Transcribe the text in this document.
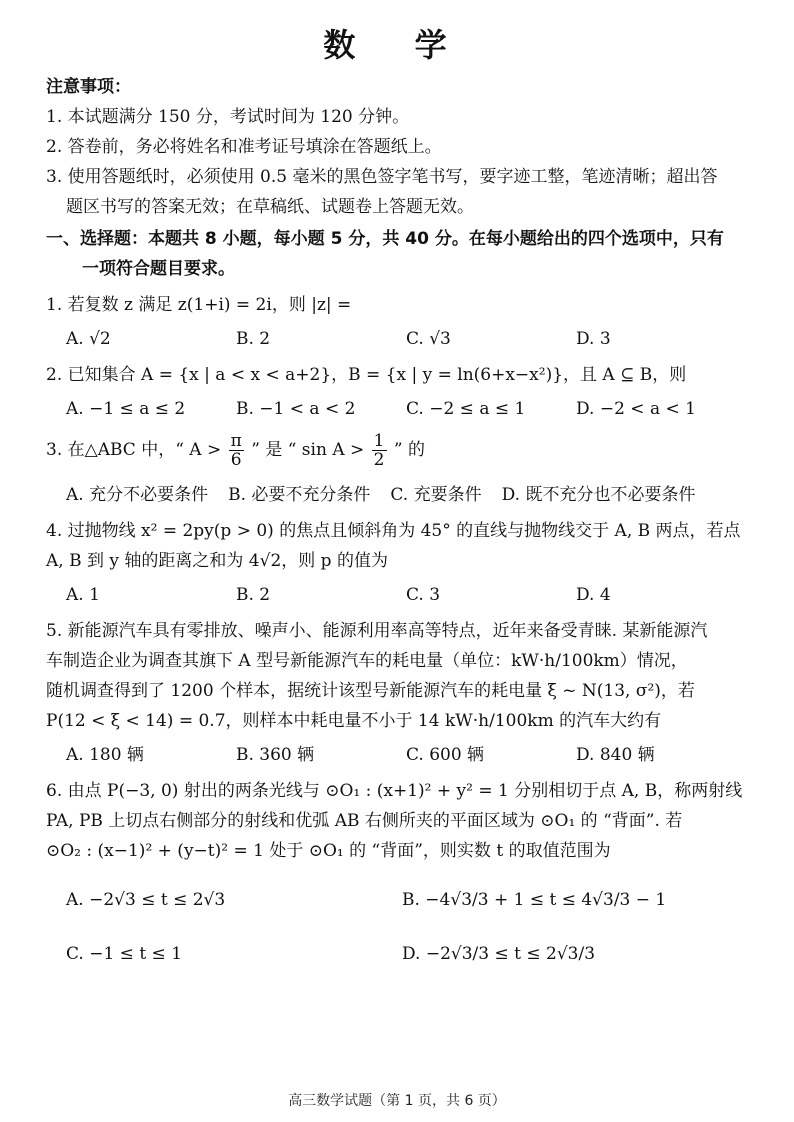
数 学
注意事项：
1. 本试题满分 150 分，考试时间为 120 分钟。
2. 答卷前，务必将姓名和准考证号填涂在答题纸上。
3. 使用答题纸时，必须使用 0.5 毫米的黑色签字笔书写，要字迹工整，笔迹清晰；超出答
题区书写的答案无效；在草稿纸、试题卷上答题无效。
一、选择题：本题共 8 小题，每小题 5 分，共 40 分。在每小题给出的四个选项中，只有
一项符合题目要求。
1. 若复数 z 满足 z(1+i) = 2i，则 |z| =
A. √2	B. 2	C. √3	D. 3
2. 已知集合 A = {x | a < x < a+2}，B = {x | y = ln(6+x−x²)}，且 A ⊆ B，则
A. −1 ≤ a ≤ 2	B. −1 < a < 2	C. −2 ≤ a ≤ 1	D. −2 < a < 1
3. 在△ABC 中，“ $A > \frac{\pi}{6}$ ” 是 “ $\sin A > \frac{1}{2}$ ” 的
A. 充分不必要条件 B. 必要不充分条件 C. 充要条件 D. 既不充分也不必要条件
4. 过抛物线 x² = 2py(p > 0) 的焦点且倾斜角为 45° 的直线与抛物线交于 A, B 两点，若点
A, B 到 y 轴的距离之和为 4√2，则 p 的值为
A. 1	B. 2	C. 3	D. 4
5. 新能源汽车具有零排放、噪声小、能源利用率高等特点，近年来备受青睐. 某新能源汽
车制造企业为调查其旗下 A 型号新能源汽车的耗电量（单位：kW·h/100km）情况，
随机调查得到了 1200 个样本，据统计该型号新能源汽车的耗电量 ξ ~ N(13, σ²)，若
P(12 < ξ < 14) = 0.7，则样本中耗电量不小于 14 kW·h/100km 的汽车大约有
A. 180 辆	B. 360 辆	C. 600 辆	D. 840 辆
6. 由点 P(−3, 0) 射出的两条光线与 ⊙O₁ : (x+1)² + y² = 1 分别相切于点 A, B，称两射线
PA, PB 上切点右侧部分的射线和优弧 AB 右侧所夹的平面区域为 ⊙O₁ 的 “背面”. 若
⊙O₂ : (x−1)² + (y−t)² = 1 处于 ⊙O₁ 的 “背面”，则实数 t 的取值范围为
A. −2√3 ≤ t ≤ 2√3	B. −4√3/3 + 1 ≤ t ≤ 4√3/3 − 1
C. −1 ≤ t ≤ 1	D. −2√3/3 ≤ t ≤ 2√3/3
高三数学试题（第 1 页，共 6 页）
